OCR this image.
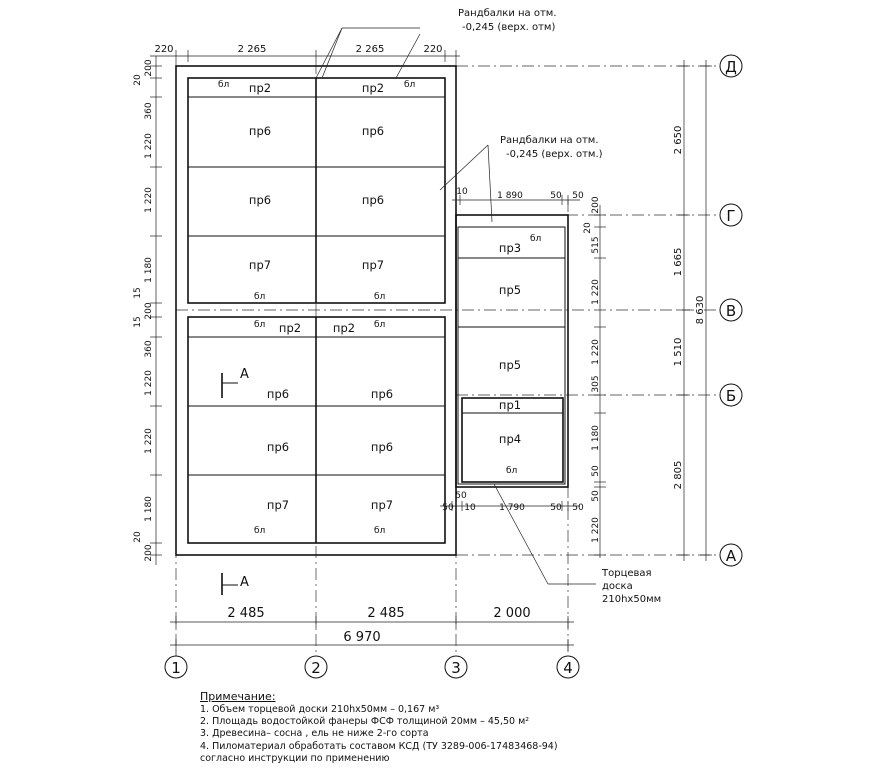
пр2	пр2
пр6	пр6
пр6	пр6
пр7	пр7
пр2	пр2
пр6	пр6
пр6	пр6
пр7	пр7
пр3
пр5
пр5
пр1
пр4
бл	бл
бл	бл
бл	бл
бл	бл
бл
бл
А
А
Рандбалки на отм.
-0,245 (верх. отм)
Рандбалки на отм.
-0,245 (верх. отм.)
Торцевая
доска
210hх50мм
220	2 265	2 265	220
10	1 890	50 50
50
50 10	1 790	50 50
2 485	2 485	2 000
6 970
200
20
360
1 220
1 220
1 180
15
200
15
360
1 220
1 220
1 180
20
200
200
20
515
1 220
1 220
305
1 180
50
50
1 220
2 650
1 665
1 510
2 805
8 630
1	2	3	4
Д
Г
В
Б
А
Примечание:
1. Объем торцевой доски 210hх50мм – 0,167 м³
2. Площадь водостойкой фанеры ФСФ толщиной 20мм – 45,50 м²
3. Древесина– сосна , ель не ниже 2-го сорта
4. Пиломатериал обработать составом КСД (ТУ 3289-006-17483468-94)
согласно инструкции по применению
